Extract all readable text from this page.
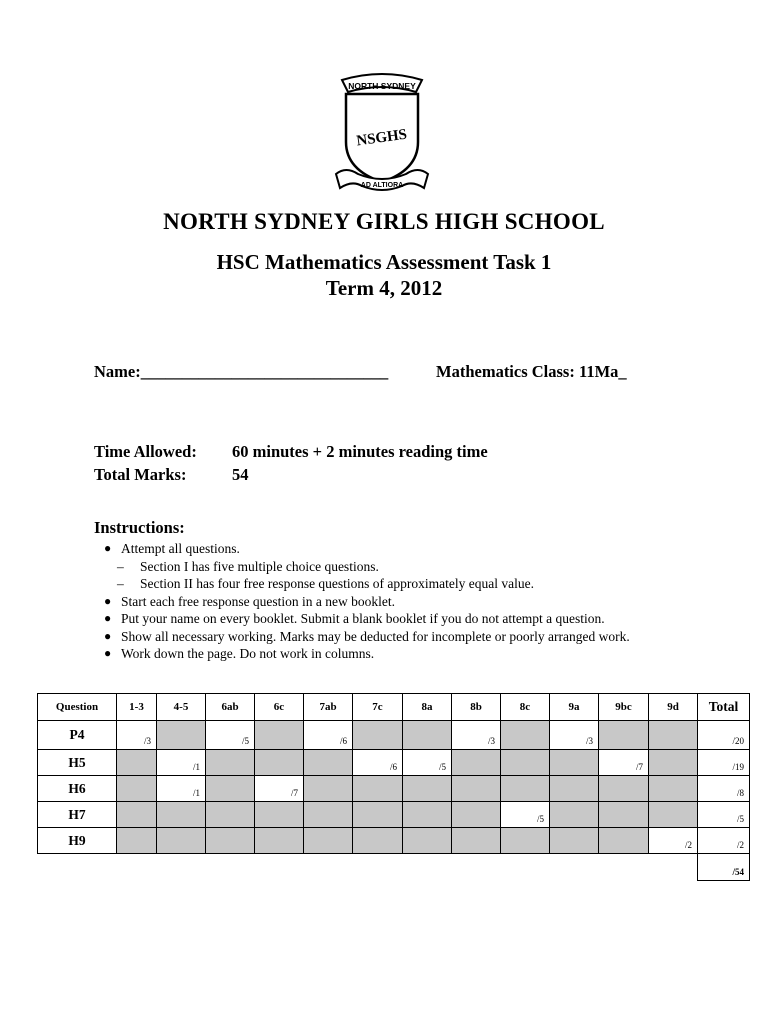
NORTH SYDNEY
NSGHS
AD ALTIORA
NORTH SYDNEY GIRLS HIGH SCHOOL
HSC Mathematics Assessment Task 1
Term 4, 2012
Name:______________________________	Mathematics Class: 11Ma_
Time Allowed: 60 minutes + 2 minutes reading time
Total Marks:	54
Instructions:
● Attempt all questions.
– Section I has five multiple choice questions.
– Section II has four free response questions of approximately equal value.
● Start each free response question in a new booklet.
● Put your name on every booklet. Submit a blank booklet if you do not attempt a question.
● Show all necessary working. Marks may be deducted for incomplete or poorly arranged work.
● Work down the page. Do not work in columns.
Question	1-3	4-5	6ab	6c	7ab	7c	8a	8b	8c	9a	9bc	9d	Total
P4	/3		/5		/6			/3		/3			/20

H5		/1				/6	/5				/7		/19

H6		/1		/7									/8

H7									/5				/5

H9												/2	/2

													/54
